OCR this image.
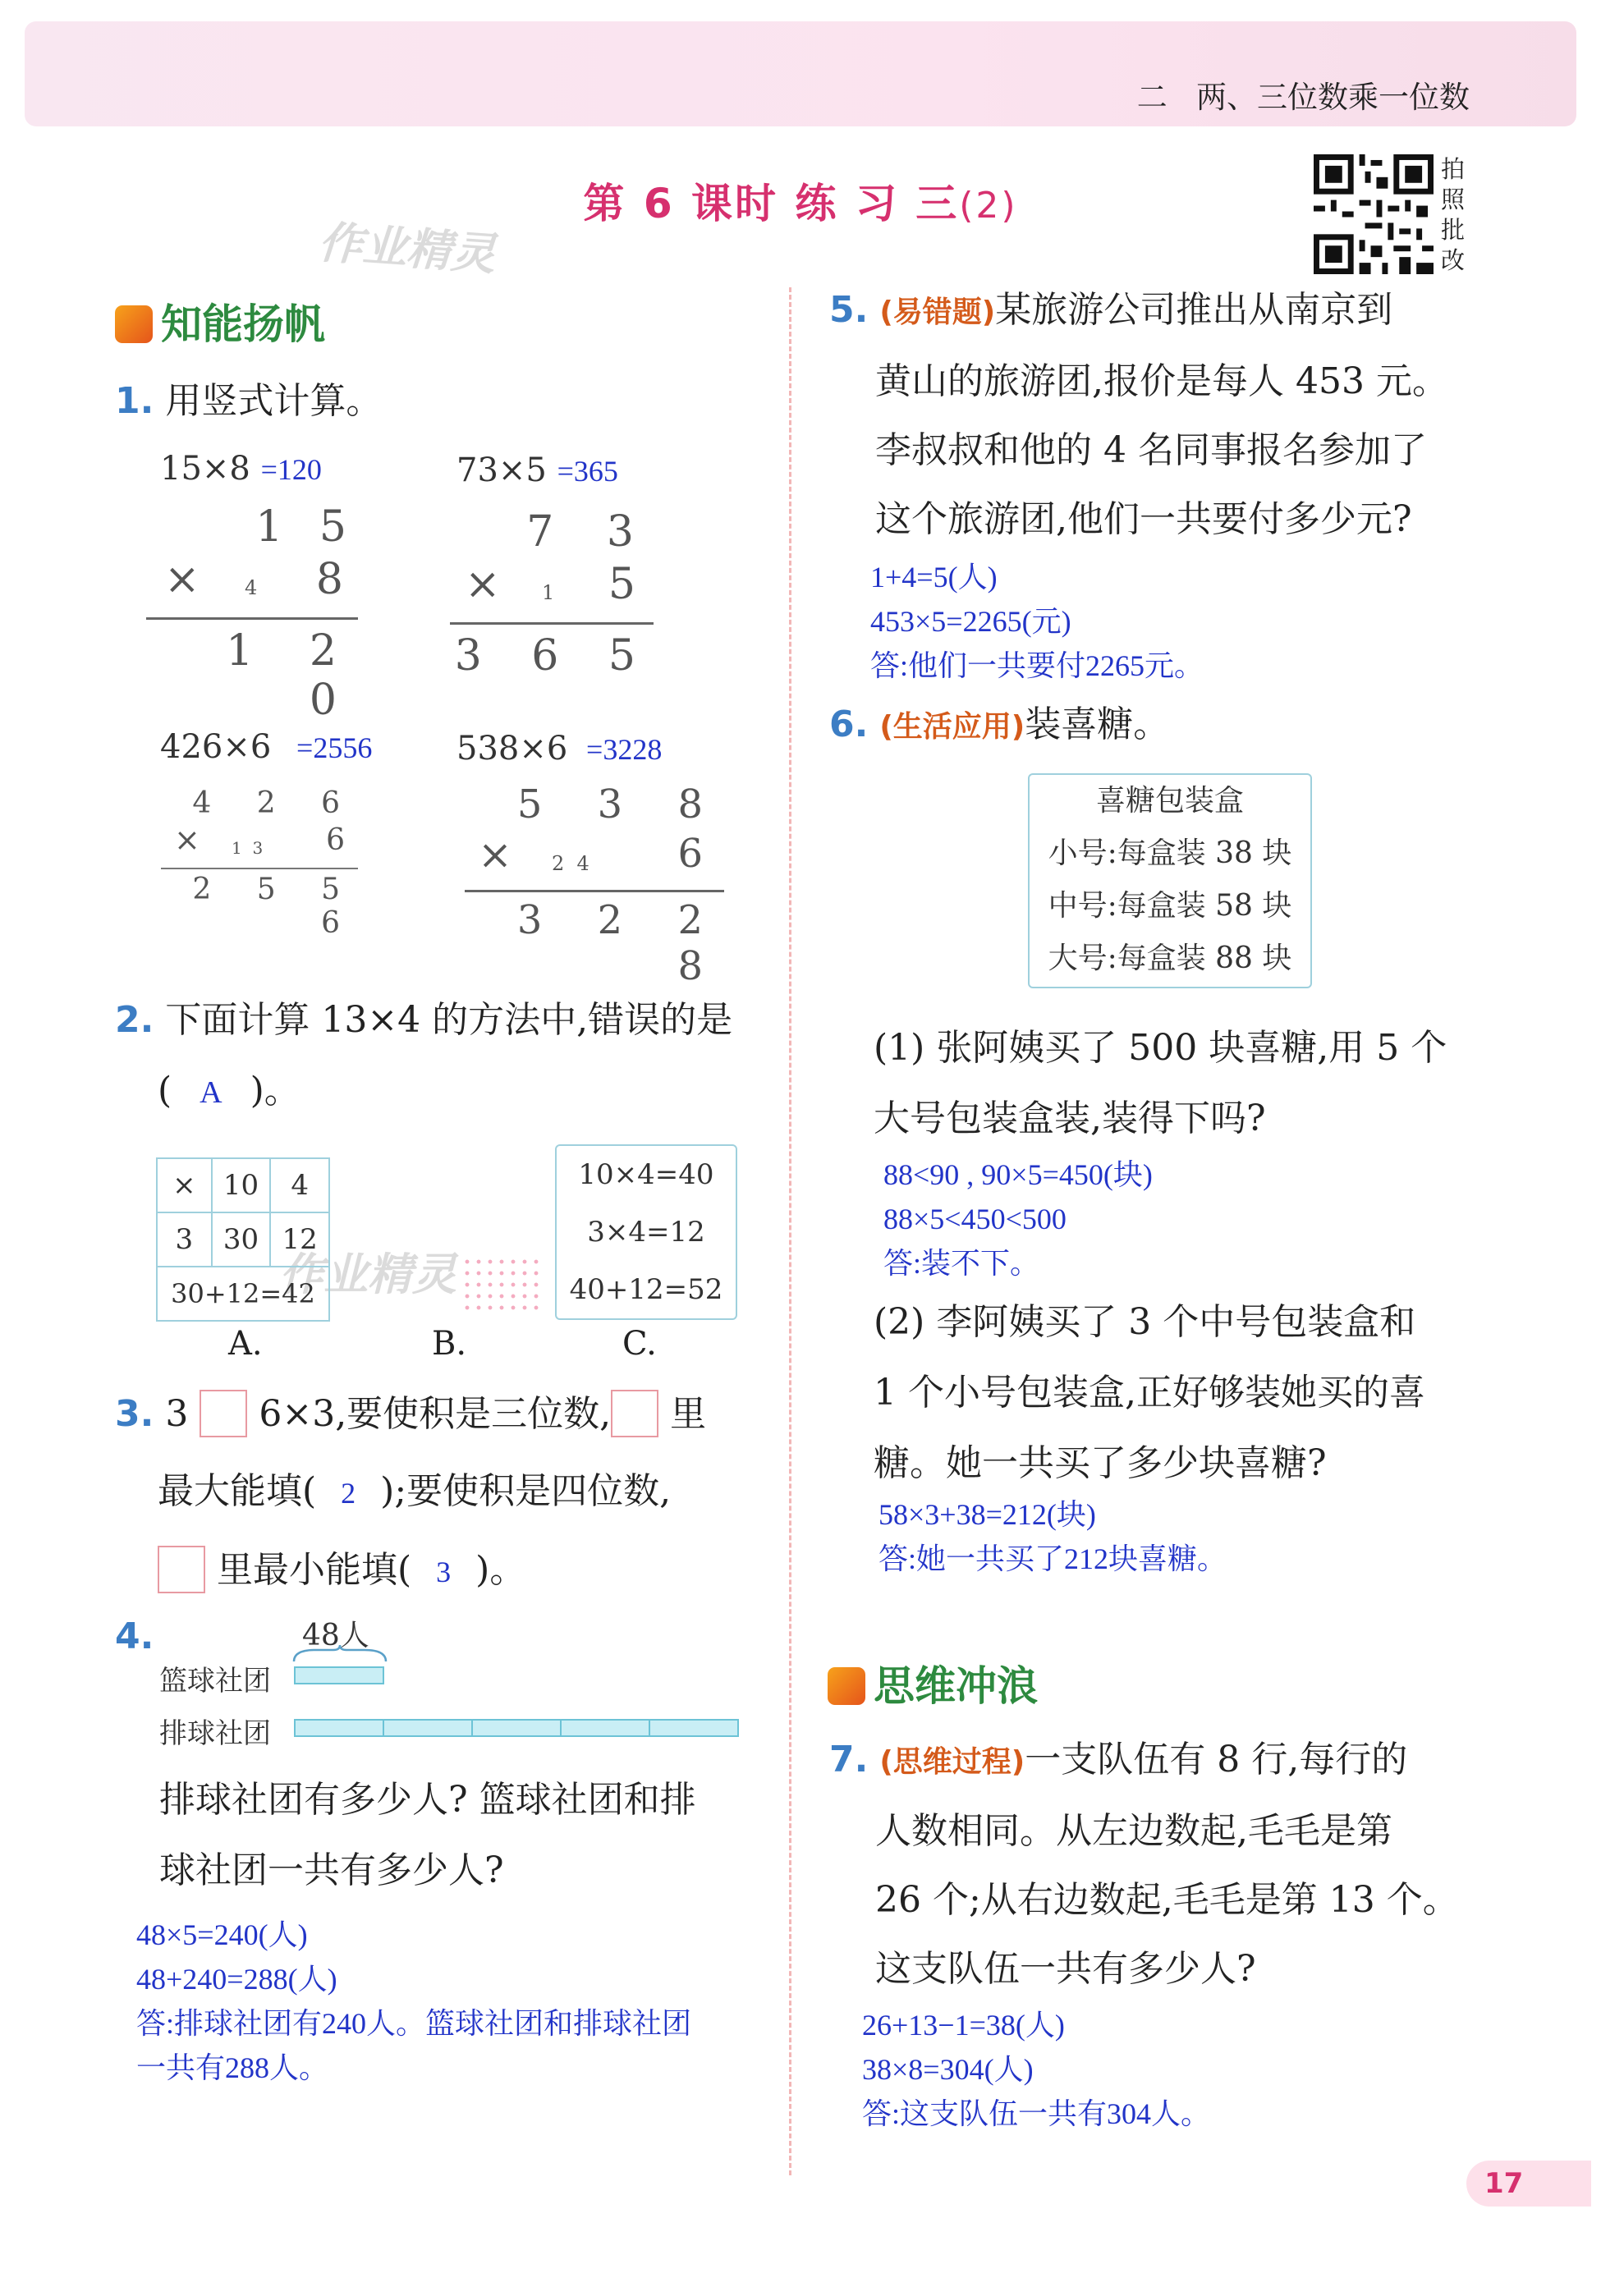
二   两、三位数乘一位数
第 6 课时 练 习 三(2)
拍照批改
作业精灵
作业精灵
知能扬帆
1. 用竖式计算。
15×8 =120
1 5
× 4 8
1 2 0
73×5 =365
7 3
× 1 5
3 6 5
426×6 =2556
4 2 6
× 1  3 6
2 5 5 6
538×6 =3228
5 3 8
× 2  4 6
3 2 2 8
2. 下面计算 13×4 的方法中,错误的是
( A )。
×	10	4
3	30	12
30+12=42		
10×4=40
3×4=12
40+12=52
A.	B.	C.
3. 3 6×3,要使积是三位数, 里
最大能填( 2 );要使积是四位数,
里最小能填( 3 )。
4.	48人
篮球社团
排球社团
排球社团有多少人? 篮球社团和排
球社团一共有多少人?
48×5=240(人)
48+240=288(人)
答:排球社团有240人。篮球社团和排球社团
一共有288人。
5. (易错题)某旅游公司推出从南京到
黄山的旅游团,报价是每人 453 元。
李叔叔和他的 4 名同事报名参加了
这个旅游团,他们一共要付多少元?
1+4=5(人)
453×5=2265(元)
答:他们一共要付2265元。
6. (生活应用)装喜糖。
喜糖包装盒
小号:每盒装 38 块
中号:每盒装 58 块
大号:每盒装 88 块
(1) 张阿姨买了 500 块喜糖,用 5 个
大号包装盒装,装得下吗?
88<90 , 90×5=450(块)
88×5<450<500
答:装不下。
(2) 李阿姨买了 3 个中号包装盒和
1 个小号包装盒,正好够装她买的喜
糖。她一共买了多少块喜糖?
58×3+38=212(块)
答:她一共买了212块喜糖。
思维冲浪
7. (思维过程)一支队伍有 8 行,每行的
人数相同。从左边数起,毛毛是第
26 个;从右边数起,毛毛是第 13 个。
这支队伍一共有多少人?
26+13−1=38(人)
38×8=304(人)
答:这支队伍一共有304人。
17
